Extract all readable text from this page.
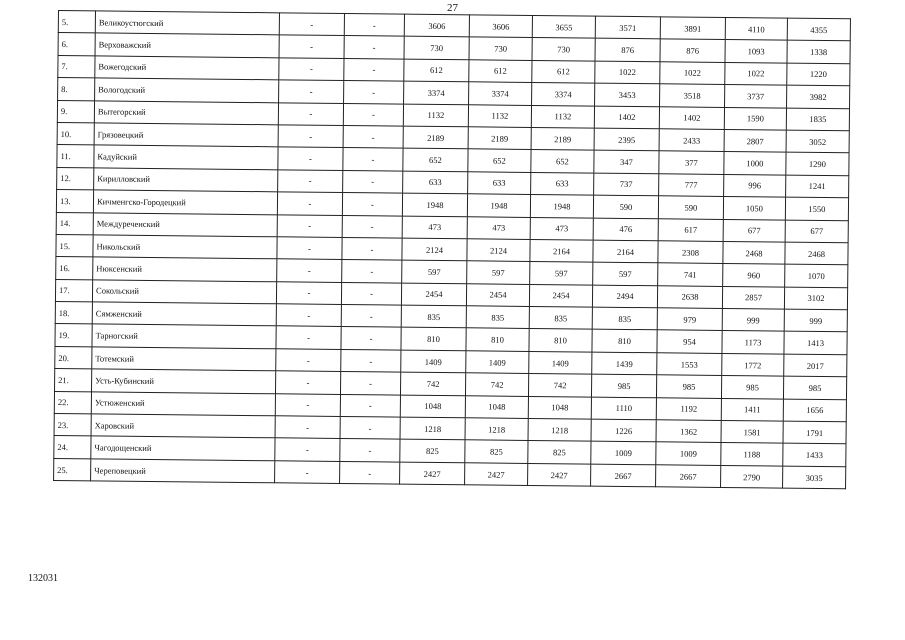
27
5.	Великоустюгский	-	-	3606	3606	3655	3571	3891	4110	4355
6.	Верховажский	-	-	730	730	730	876	876	1093	1338
7.	Вожегодский	-	-	612	612	612	1022	1022	1022	1220
8.	Вологодский	-	-	3374	3374	3374	3453	3518	3737	3982
9.	Вытегорский	-	-	1132	1132	1132	1402	1402	1590	1835
10.	Грязовецкий	-	-	2189	2189	2189	2395	2433	2807	3052
11.	Кадуйский	-	-	652	652	652	347	377	1000	1290
12.	Кирилловский	-	-	633	633	633	737	777	996	1241
13.	Кичменгско-Городецкий	-	-	1948	1948	1948	590	590	1050	1550
14.	Междуреченский	-	-	473	473	473	476	617	677	677
15.	Никольский	-	-	2124	2124	2164	2164	2308	2468	2468
16.	Нюксенский	-	-	597	597	597	597	741	960	1070
17.	Сокольский	-	-	2454	2454	2454	2494	2638	2857	3102
18.	Сямженский	-	-	835	835	835	835	979	999	999
19.	Тарногский	-	-	810	810	810	810	954	1173	1413
20.	Тотемский	-	-	1409	1409	1409	1439	1553	1772	2017
21.	Усть-Кубинский	-	-	742	742	742	985	985	985	985
22.	Устюженский	-	-	1048	1048	1048	1110	1192	1411	1656
23.	Харовский	-	-	1218	1218	1218	1226	1362	1581	1791
24.	Чагодощенский	-	-	825	825	825	1009	1009	1188	1433
25.	Череповецкий	-	-	2427	2427	2427	2667	2667	2790	3035
132031
